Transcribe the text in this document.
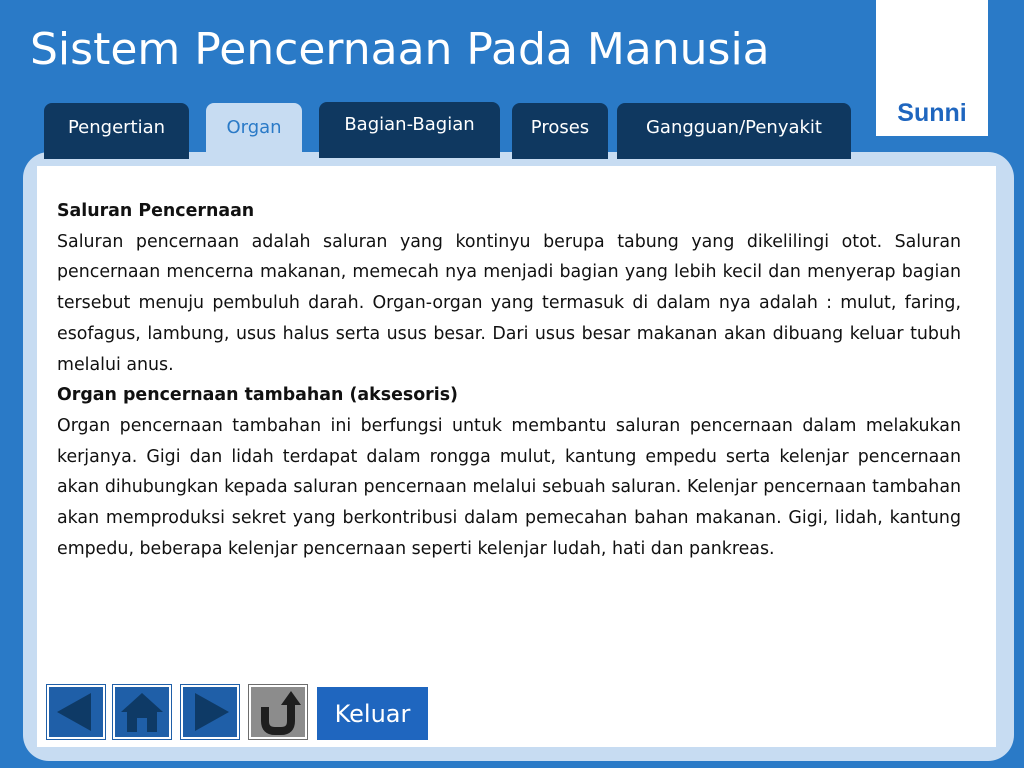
Sistem Pencernaan Pada Manusia
Sunni
Pengertian	Organ	Bagian-Bagian	Proses	Gangguan/Penyakit

Saluran Pencernaan

Saluran pencernaan adalah saluran yang kontinyu berupa tabung yang dikelilingi otot. Saluran pencernaan mencerna makanan, memecah nya menjadi bagian yang lebih kecil dan menyerap bagian tersebut menuju pembuluh darah. Organ-organ yang termasuk di dalam nya adalah : mulut, faring, esofagus, lambung, usus halus serta usus besar. Dari usus besar makanan akan dibuang keluar tubuh melalui anus.

Organ pencernaan tambahan (aksesoris)

Organ pencernaan tambahan ini berfungsi untuk membantu saluran pencernaan dalam melakukan kerjanya. Gigi dan lidah terdapat dalam rongga mulut, kantung empedu serta kelenjar pencernaan akan dihubungkan kepada saluran pencernaan melalui sebuah saluran. Kelenjar pencernaan tambahan akan memproduksi sekret yang berkontribusi dalam pemecahan bahan makanan. Gigi, lidah, kantung empedu, beberapa kelenjar pencernaan seperti kelenjar ludah, hati dan pankreas.

Keluar
